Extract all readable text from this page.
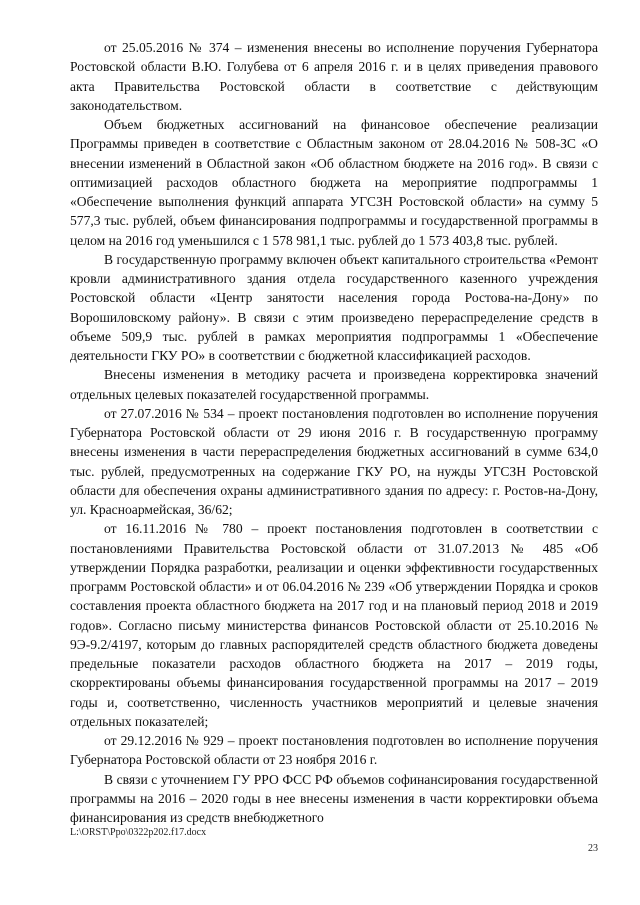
от 25.05.2016 № 374 – изменения внесены во исполнение поручения Губернатора Ростовской области В.Ю. Голубева от 6 апреля 2016 г. и в целях приведения правового акта Правительства Ростовской области в соответствие с действующим законодательством.

Объем бюджетных ассигнований на финансовое обеспечение реализации Программы приведен в соответствие с Областным законом от 28.04.2016 № 508-ЗС «О внесении изменений в Областной закон «Об областном бюджете на 2016 год». В связи с оптимизацией расходов областного бюджета на мероприятие подпрограммы 1 «Обеспечение выполнения функций аппарата УГСЗН Ростовской области» на сумму 5 577,3 тыс. рублей, объем финансирования подпрограммы и государственной программы в целом на 2016 год уменьшился с 1 578 981,1 тыс. рублей до 1 573 403,8 тыс. рублей.

В государственную программу включен объект капитального строительства «Ремонт кровли административного здания отдела государственного казенного учреждения Ростовской области «Центр занятости населения города Ростова-на-Дону» по Ворошиловскому району». В связи с этим произведено перераспределение средств в объеме 509,9 тыс. рублей в рамках мероприятия подпрограммы 1 «Обеспечение деятельности ГКУ РО» в соответствии с бюджетной классификацией расходов.

Внесены изменения в методику расчета и произведена корректировка значений отдельных целевых показателей государственной программы.

от 27.07.2016 № 534 – проект постановления подготовлен во исполнение поручения Губернатора Ростовской области от 29 июня 2016 г. В государственную программу внесены изменения в части перераспределения бюджетных ассигнований в сумме 634,0 тыс. рублей, предусмотренных на содержание ГКУ РО, на нужды УГСЗН Ростовской области для обеспечения охраны административного здания по адресу: г. Ростов-на-Дону, ул. Красноармейская, 36/62;

от 16.11.2016 № 780 – проект постановления подготовлен в соответствии с постановлениями Правительства Ростовской области от 31.07.2013 № 485 «Об утверждении Порядка разработки, реализации и оценки эффективности государственных программ Ростовской области» и от 06.04.2016 № 239 «Об утверждении Порядка и сроков составления проекта областного бюджета на 2017 год и на плановый период 2018 и 2019 годов». Согласно письму министерства финансов Ростовской области от 25.10.2016 № 9Э-9.2/4197, которым до главных распорядителей средств областного бюджета доведены предельные показатели расходов областного бюджета на 2017 – 2019 годы, скорректированы объемы финансирования государственной программы на 2017 – 2019 годы и, соответственно, численность участников мероприятий и целевые значения отдельных показателей;

от 29.12.2016 № 929 – проект постановления подготовлен во исполнение поручения Губернатора Ростовской области от 23 ноября 2016 г.

В связи с уточнением ГУ РРО ФСС РФ объемов софинансирования государственной программы на 2016 – 2020 годы в нее внесены изменения в части корректировки объема финансирования из средств внебюджетного

L:\ORST\Ppo\0322p202.f17.docx
23
